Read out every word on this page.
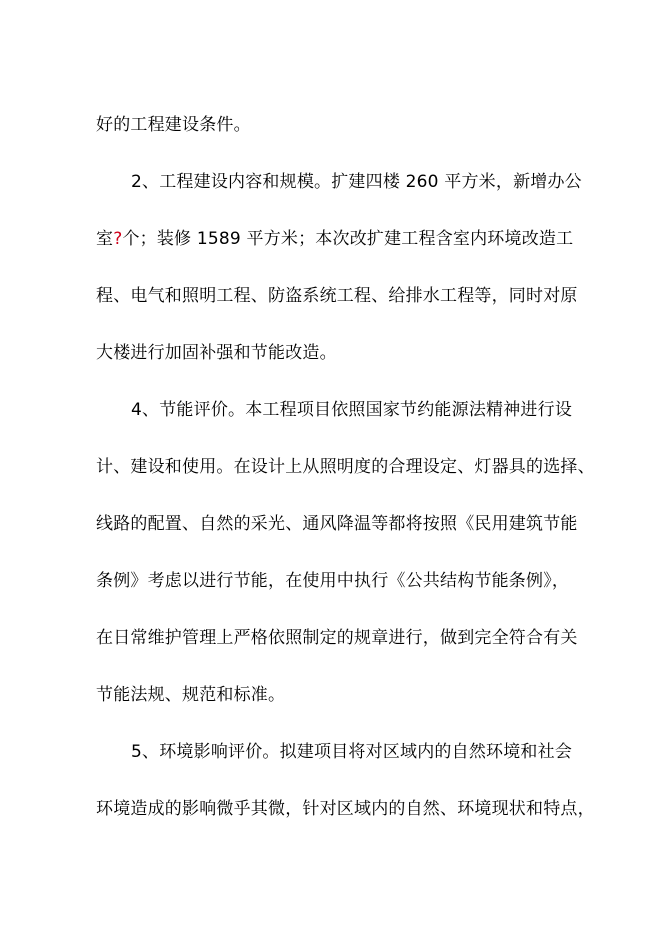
好的工程建设条件。
2、工程建设内容和规模。扩建四楼 260 平方米，新增办公
室?个；装修 1589 平方米；本次改扩建工程含室内环境改造工
程、电气和照明工程、防盗系统工程、给排水工程等，同时对原
大楼进行加固补强和节能改造。
4、节能评价。本工程项目依照国家节约能源法精神进行设
计、建设和使用。在设计上从照明度的合理设定、灯器具的选择、
线路的配置、自然的采光、通风降温等都将按照《民用建筑节能
条例》考虑以进行节能，在使用中执行《公共结构节能条例》，
在日常维护管理上严格依照制定的规章进行，做到完全符合有关
节能法规、规范和标准。
5、环境影响评价。拟建项目将对区域内的自然环境和社会
环境造成的影响微乎其微，针对区域内的自然、环境现状和特点，
